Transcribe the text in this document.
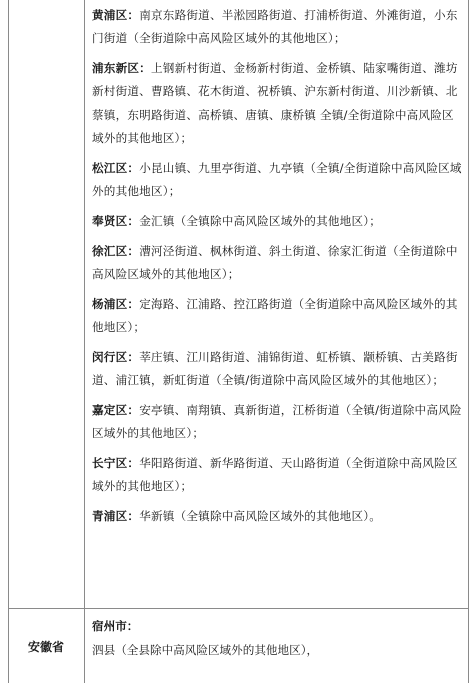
黄浦区：南京东路街道、半淞园路街道、打浦桥街道、外滩街道，小东门街道（全街道除中高风险区域外的其他地区）；
浦东新区：上钢新村街道、金杨新村街道、金桥镇、陆家嘴街道、潍坊新村街道、曹路镇、花木街道、祝桥镇、沪东新村街道、川沙新镇、北蔡镇，东明路街道、高桥镇、唐镇、康桥镇 全镇/全街道除中高风险区域外的其他地区）；
松江区：小昆山镇、九里亭街道、九亭镇（全镇/全街道除中高风险区域外的其他地区）；
奉贤区：金汇镇（全镇除中高风险区域外的其他地区）；
徐汇区：漕河泾街道、枫林街道、斜土街道、徐家汇街道（全街道除中高风险区域外的其他地区）；
杨浦区：定海路、江浦路、控江路街道（全街道除中高风险区域外的其他地区）；
闵行区：莘庄镇、江川路街道、浦锦街道、虹桥镇、颛桥镇、古美路街道、浦江镇，新虹街道（全镇/街道除中高风险区域外的其他地区）；
嘉定区：安亭镇、南翔镇、真新街道，江桥街道（全镇/街道除中高风险区域外的其他地区）；
长宁区：华阳路街道、新华路街道、天山路街道（全街道除中高风险区域外的其他地区）；
青浦区：华新镇（全镇除中高风险区域外的其他地区）。
安徽省
宿州市：
泗县（全县除中高风险区域外的其他地区），
